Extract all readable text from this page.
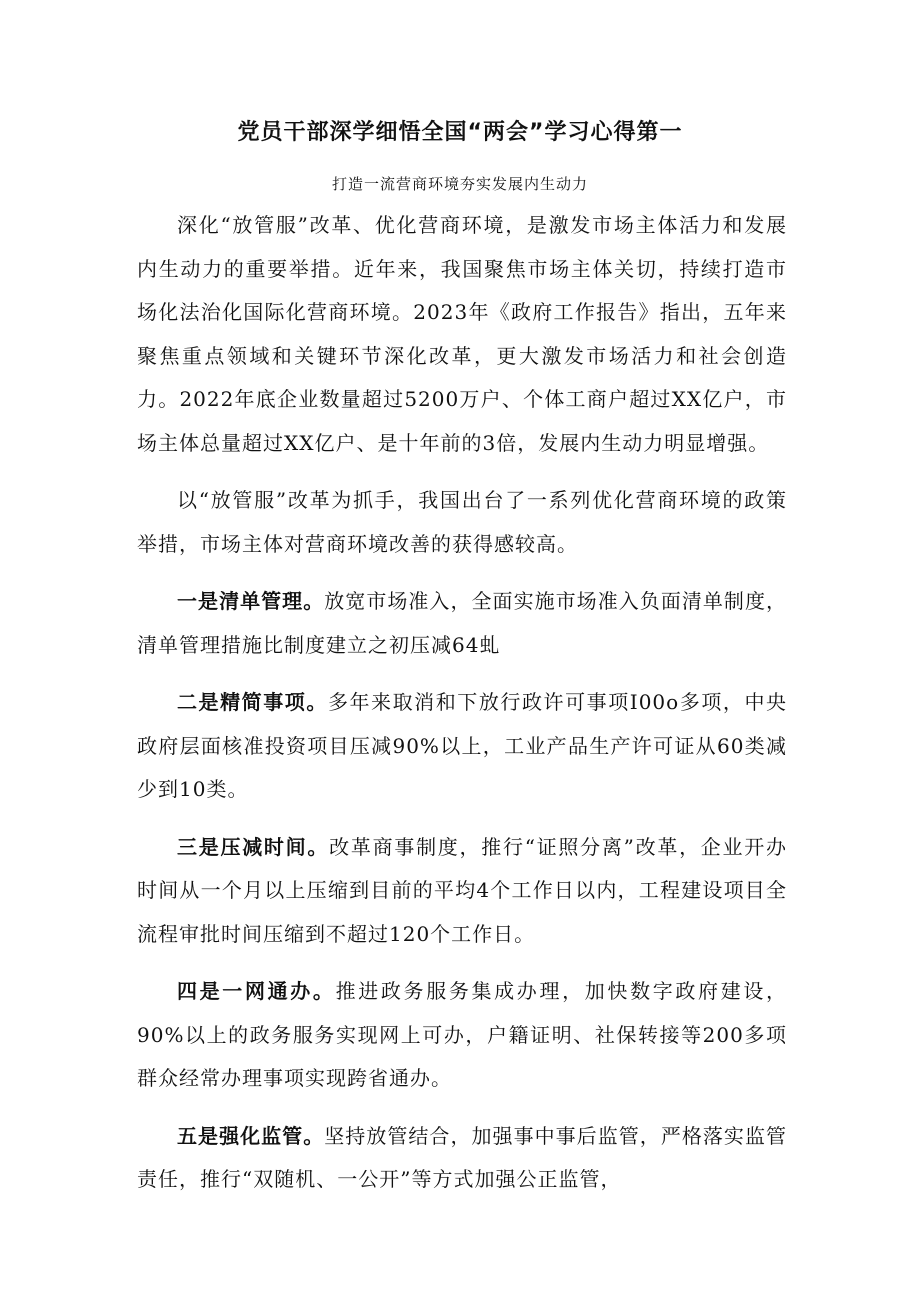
党员干部深学细悟全国“两会”学习心得第一

打造一流营商环境夯实发展内生动力

深化“放管服”改革、优化营商环境，是激发市场主体活力和发展内生动力的重要举措。近年来，我国聚焦市场主体关切，持续打造市场化法治化国际化营商环境。2023年《政府工作报告》指出，五年来聚焦重点领域和关键环节深化改革，更大激发市场活力和社会创造力。2022年底企业数量超过5200万户、个体工商户超过XX亿户，市场主体总量超过XX亿户、是十年前的3倍，发展内生动力明显增强。

以“放管服”改革为抓手，我国出台了一系列优化营商环境的政策举措，市场主体对营商环境改善的获得感较高。

一是清单管理。放宽市场准入，全面实施市场准入负面清单制度，清单管理措施比制度建立之初压减64虬

二是精简事项。多年来取消和下放行政许可事项I00o多项，中央政府层面核准投资项目压减90%以上，工业产品生产许可证从60类减少到10类。

三是压减时间。改革商事制度，推行“证照分离”改革，企业开办时间从一个月以上压缩到目前的平均4个工作日以内，工程建设项目全流程审批时间压缩到不超过120个工作日。

四是一网通办。推进政务服务集成办理，加快数字政府建设，90%以上的政务服务实现网上可办，户籍证明、社保转接等200多项群众经常办理事项实现跨省通办。

五是强化监管。坚持放管结合，加强事中事后监管，严格落实监管责任，推行“双随机、一公开”等方式加强公正监管，
